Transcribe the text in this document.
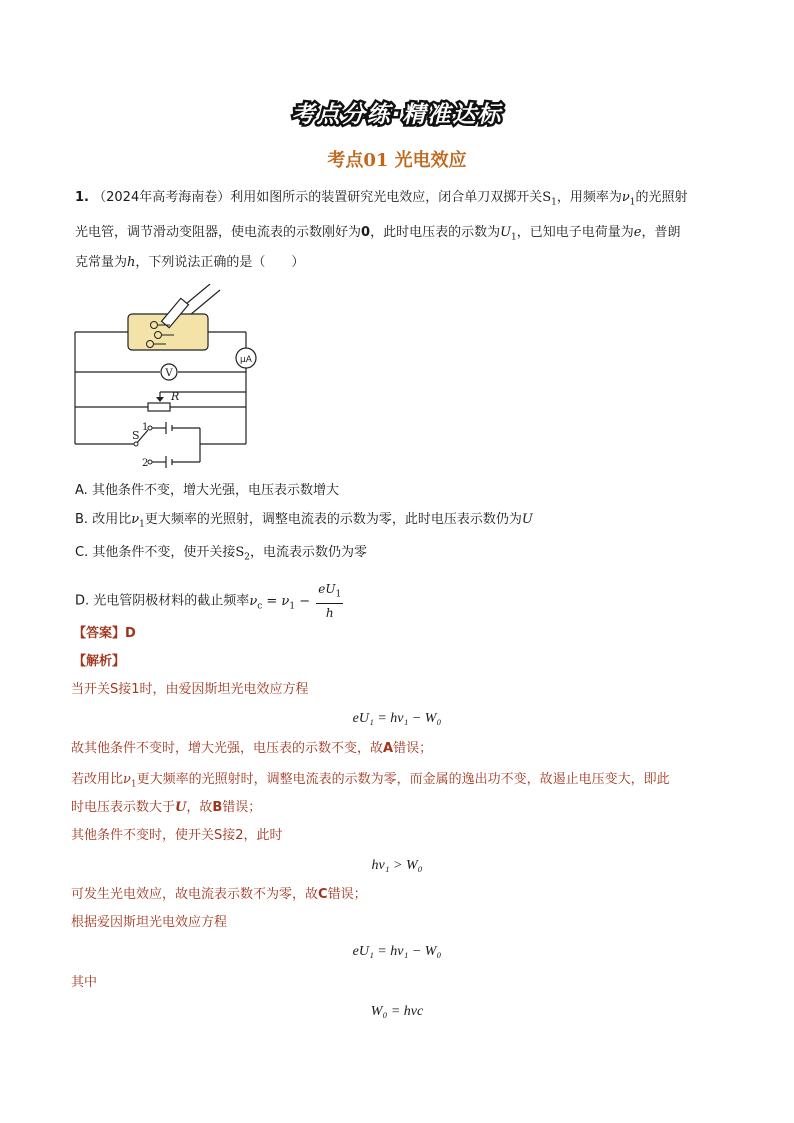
考点分练·精准达标
考点01 光电效应
1. （2024年高考海南卷）利用如图所示的装置研究光电效应，闭合单刀双掷开关$S_1$，用频率为$\nu_1$的光照射
光电管，调节滑动变阻器，使电流表的示数刚好为0，此时电压表的示数为$U_1$，已知电子电荷量为e，普朗
克常量为h，下列说法正确的是（　　）
μA
V
R
S
1
2
A. 其他条件不变，增大光强，电压表示数增大
B. 改用比$\nu_1$更大频率的光照射，调整电流表的示数为零，此时电压表示数仍为U
C. 其他条件不变，使开关接$S_2$，电流表示数仍为零
D. 光电管阴极材料的截止频率$\nu_c = \nu_1 - \frac{eU_1}{h}$
【答案】D
【解析】
当开关S接1时，由爱因斯坦光电效应方程
eU₁ = hν₁ − W₀
故其他条件不变时，增大光强，电压表的示数不变，故A错误；
若改用比$\nu_1$更大频率的光照射时，调整电流表的示数为零，而金属的逸出功不变，故遏止电压变大，即此
时电压表示数大于U，故B错误；
其他条件不变时，使开关S接2，此时
hν₁ > W₀
可发生光电效应，故电流表示数不为零，故C错误；
根据爱因斯坦光电效应方程
eU₁ = hν₁ − W₀
其中
W₀ = hνc
